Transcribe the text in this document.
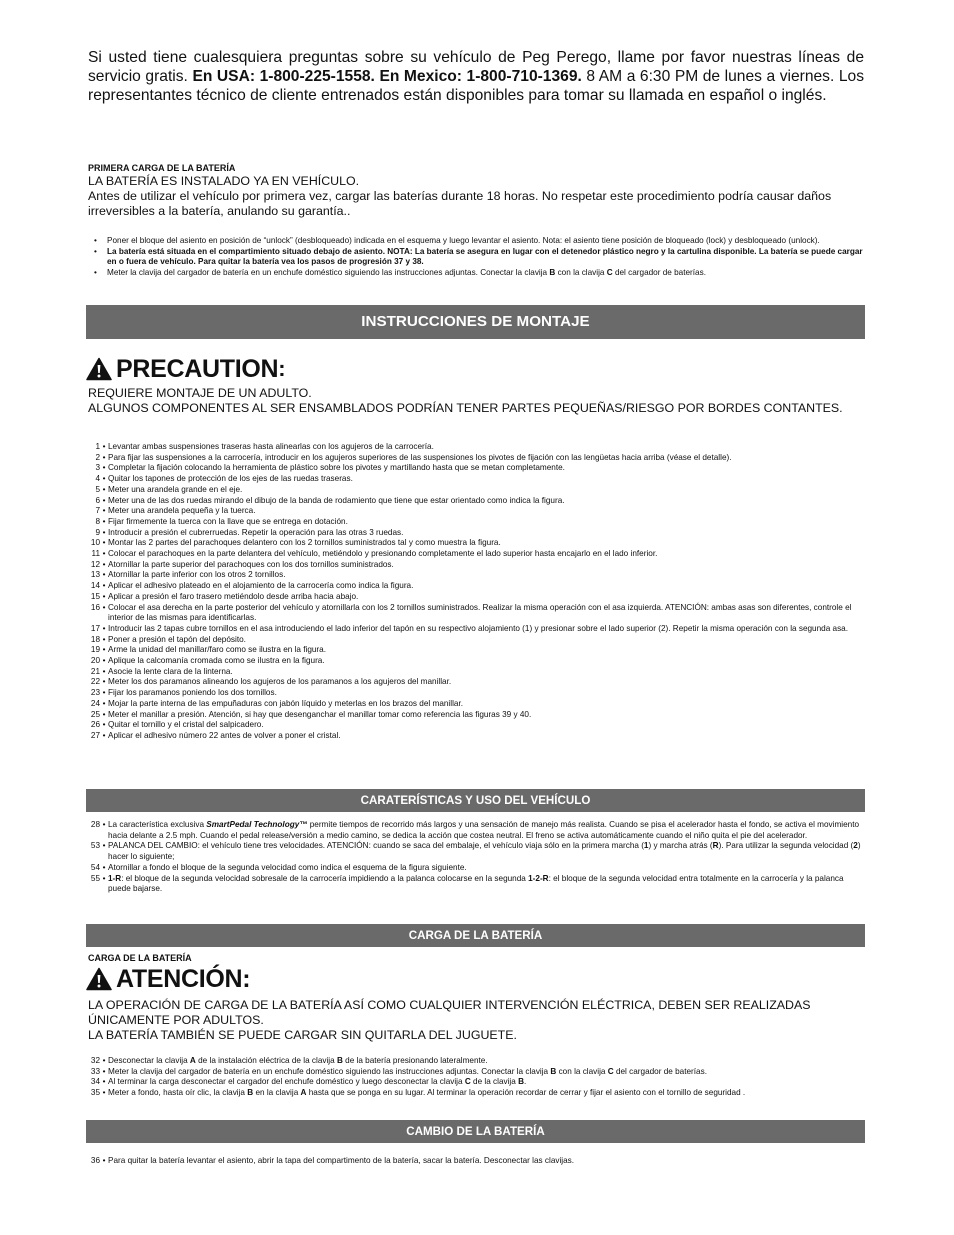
Si usted tiene cualesquiera preguntas sobre su vehículo de Peg Perego, llame por favor nuestras líneas de servicio gratis. En USA: 1-800-225-1558. En Mexico: 1-800-710-1369. 8 AM a 6:30 PM de lunes a viernes. Los representantes técnico de cliente entrenados están disponibles para tomar su llamada en español o inglés.

PRIMERA CARGA DE LA BATERÍA
LA BATERÍA ES INSTALADO YA EN VEHÍCULO.
Antes de utilizar el vehículo por primera vez, cargar las baterías durante 18 horas. No respetar este procedimiento podría causar daños irreversibles a la batería, anulando su garantía..
• Poner el bloque del asiento en posición de “unlock” (desbloqueado) indicada en el esquema y luego levantar el asiento. Nota: el asiento tiene posición de bloqueado (lock) y desbloqueado (unlock).
• La batería está situada en el compartimiento situado debajo de asiento. NOTA: La batería se asegura en lugar con el detenedor plástico negro y la cartulina disponible. La batería se puede cargar en o fuera de vehículo. Para quitar la batería vea los pasos de progresión 37 y 38.
• Meter la clavija del cargador de batería en un enchufe doméstico siguiendo las instrucciones adjuntas. Conectar la clavija B con la clavija C del cargador de baterías.
INSTRUCCIONES DE MONTAJE
PRECAUTION :

REQUIERE MONTAJE DE UN ADULTO.

ALGUNOS COMPONENTES AL SER ENSAMBLADOS PODRÍAN TENER PARTES PEQUEÑAS/RIESGO POR BORDES CONTANTES.

1 • Levantar ambas suspensiones traseras hasta alinearlas con los agujeros de la carrocería.
2 • Para fijar las suspensiones a la carrocería, introducir en los agujeros superiores de las suspensiones los pivotes de fijación con las lengüetas hacia arriba (véase el detalle).
3 • Completar la fijación colocando la herramienta de plástico sobre los pivotes y martillando hasta que se metan completamente.
4 • Quitar los tapones de protección de los ejes de las ruedas traseras.
5 • Meter una arandela grande en el eje.
6 • Meter una de las dos ruedas mirando el dibujo de la banda de rodamiento que tiene que estar orientado como indica la figura.
7 • Meter una arandela pequeña y la tuerca.
8 • Fijar firmemente la tuerca con la llave que se entrega en dotación.
9 • Introducir a presión el cubrerruedas. Repetir la operación para las otras 3 ruedas.
10 • Montar las 2 partes del parachoques delantero con los 2 tornillos suministrados tal y como muestra la figura.
11 • Colocar el parachoques en la parte delantera del vehículo, metiéndolo y presionando completamente el lado superior hasta encajarlo en el lado inferior.
12 • Atornillar la parte superior del parachoques con los dos tornillos suministrados.
13 • Atornillar la parte inferior con los otros 2 tornillos.
14 • Aplicar el adhesivo plateado en el alojamiento de la carrocería como indica la figura.
15 • Aplicar a presión el faro trasero metiéndolo desde arriba hacia abajo.
16 • Colocar el asa derecha en la parte posterior del vehículo y atornillarla con los 2 tornillos suministrados. Realizar la misma operación con el asa izquierda. ATENCIÓN: ambas asas son diferentes, controle el interior de las mismas para identificarlas.
17 • Introducir las 2 tapas cubre tornillos en el asa introduciendo el lado inferior del tapón en su respectivo alojamiento (1) y presionar sobre el lado superior (2). Repetir la misma operación con la segunda asa.
18 • Poner a presión el tapón del depósito.
19 • Arme la unidad del manillar/faro como se ilustra en la figura.
20 • Aplique la calcomanía cromada como se ilustra en la figura.
21 • Asocie la lente clara de la linterna.
22 • Meter los dos paramanos alineando los agujeros de los paramanos a los agujeros del manillar.
23 • Fijar los paramanos poniendo los dos tornillos.
24 • Mojar la parte interna de las empuñaduras con jabón líquido y meterlas en los brazos del manillar.
25 • Meter el manillar a presión. Atención, si hay que desenganchar el manillar tomar como referencia las figuras 39 y 40.
26 • Quitar el tornillo y el cristal del salpicadero.
27 • Aplicar el adhesivo número 22 antes de volver a poner el cristal.
CARATERÍSTICAS Y USO DEL VEHÍCULO
28 • La característica exclusiva SmartPedal Technology™ permite tiempos de recorrido más largos y una sensación de manejo más realista. Cuando se pisa el acelerador hasta el fondo, se activa el movimiento hacia delante a 2.5 mph. Cuando el pedal release/versión a medio camino, se dedica la acción que costea neutral. El freno se activa automáticamente cuando el niño quita el pie del acelerador.
53 • PALANCA DEL CAMBIO: el vehículo tiene tres velocidades. ATENCIÓN: cuando se saca del embalaje, el vehículo viaja sólo en la primera marcha (1) y marcha atrás (R). Para utilizar la segunda velocidad (2) hacer lo siguiente;
54 • Atornillar a fondo el bloque de la segunda velocidad como indica el esquema de la figura siguiente.
55 • 1-R: el bloque de la segunda velocidad sobresale de la carrocería impidiendo a la palanca colocarse en la segunda 1-2-R: el bloque de la segunda velocidad entra totalmente en la carrocería y la palanca puede bajarse.
CARGA DE LA BATERÍA
CARGA DE LA BATERÍA
ATENCIÓN:

LA OPERACIÓN DE CARGA DE LA BATERÍA ASÍ COMO CUALQUIER INTERVENCIÓN ELÉCTRICA, DEBEN SER REALIZADAS ÚNICAMENTE POR ADULTOS.

LA BATERÍA TAMBIÉN SE PUEDE CARGAR SIN QUITARLA DEL JUGUETE.

32 • Desconectar la clavija A de la instalación eléctrica de la clavija B de la batería presionando lateralmente.
33 • Meter la clavija del cargador de batería en un enchufe doméstico siguiendo las instrucciones adjuntas. Conectar la clavija B con la clavija C del cargador de baterías.
34 • Al terminar la carga desconectar el cargador del enchufe doméstico y luego desconectar la clavija C de la clavija B.
35 • Meter a fondo, hasta oír clic, la clavija B en la clavija A hasta que se ponga en su lugar. Al terminar la operación recordar de cerrar y fijar el asiento con el tornillo de seguridad .
CAMBIO DE LA BATERÍA
36 • Para quitar la batería levantar el asiento, abrir la tapa del compartimento de la batería, sacar la batería. Desconectar las clavijas.
